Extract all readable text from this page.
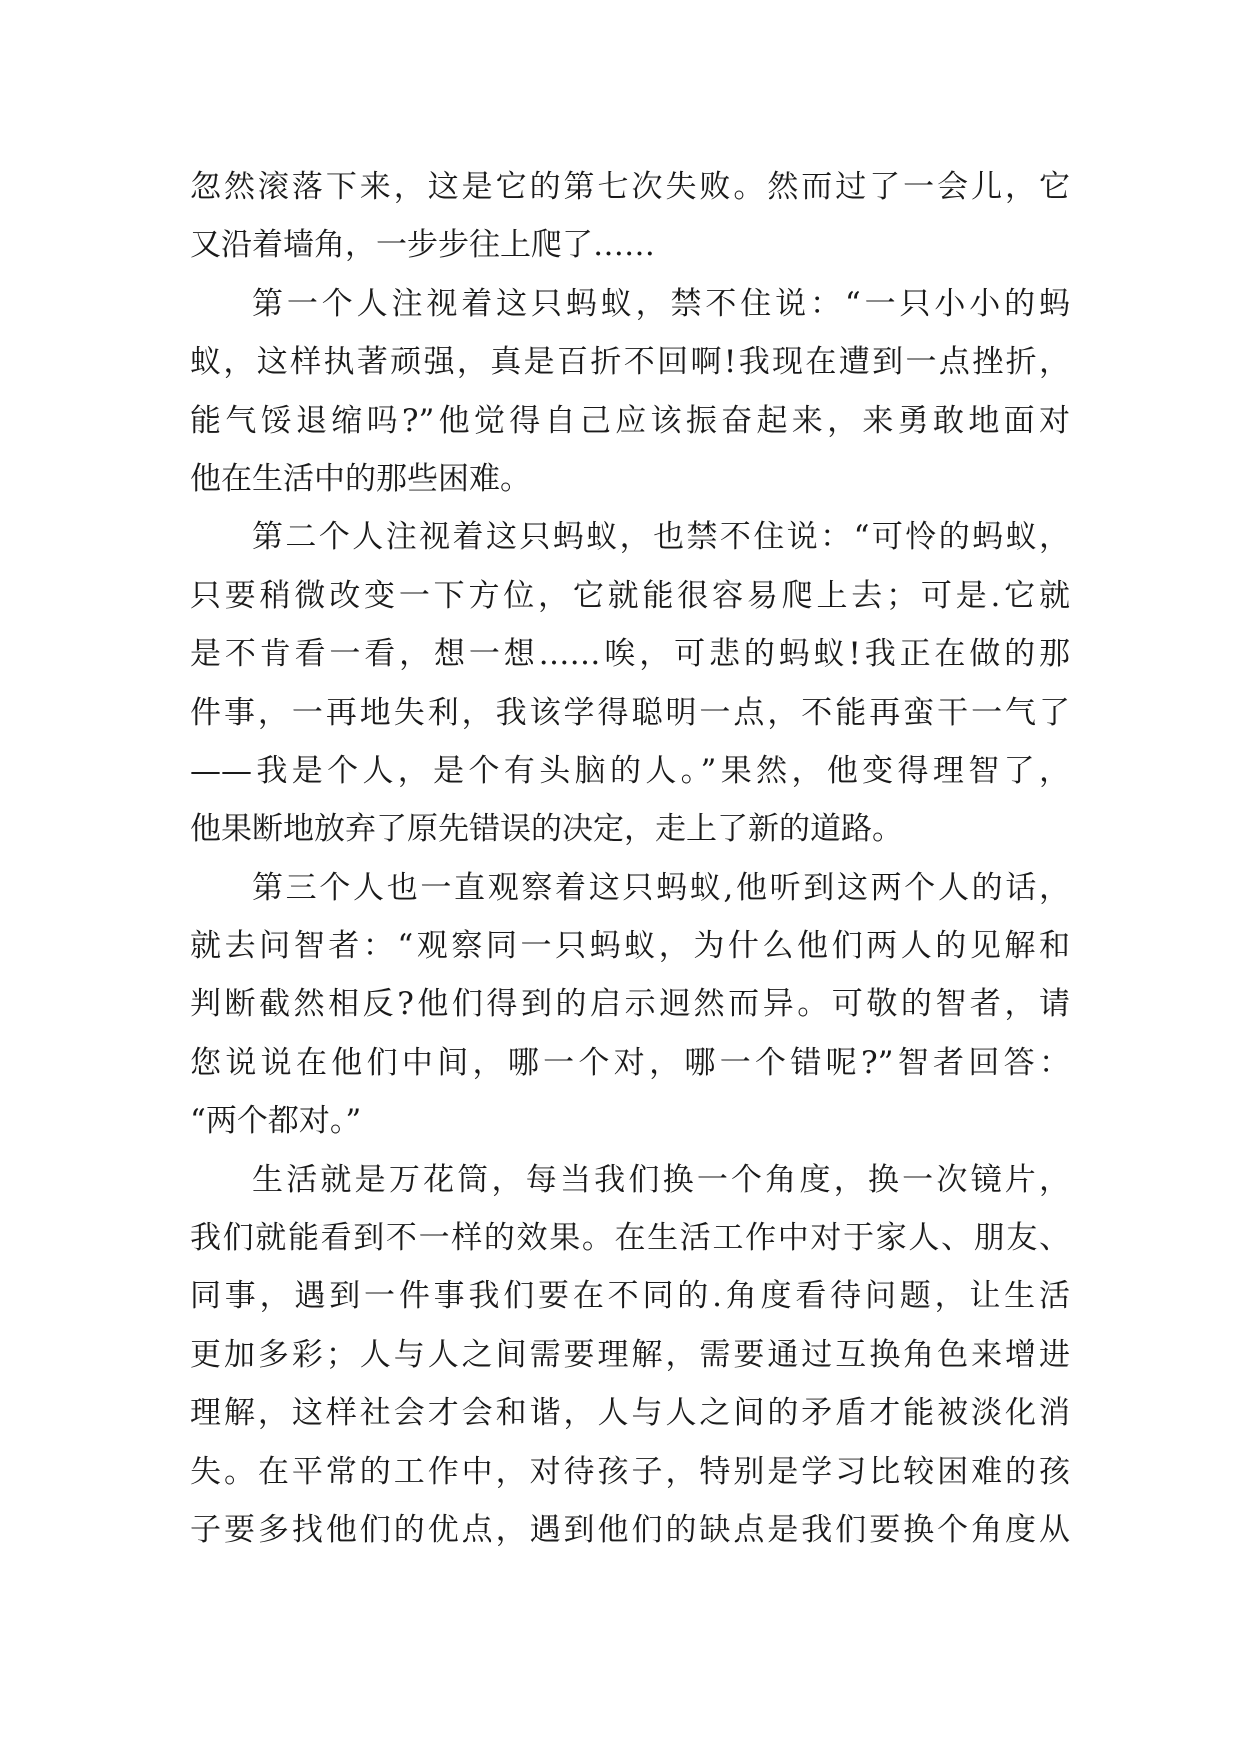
忽然滚落下来，这是它的第七次失败。然而过了一会儿，它
又沿着墙角，一步步往上爬了……
第一个人注视着这只蚂蚁，禁不住说：“一只小小的蚂
蚁，这样执著顽强，真是百折不回啊!我现在遭到一点挫折，
能气馁退缩吗?”他觉得自己应该振奋起来，来勇敢地面对
他在生活中的那些困难。
第二个人注视着这只蚂蚁，也禁不住说：“可怜的蚂蚁，
只要稍微改变一下方位，它就能很容易爬上去；可是.它就
是不肯看一看，想一想……唉，可悲的蚂蚁!我正在做的那
件事，一再地失利，我该学得聪明一点，不能再蛮干一气了
——我是个人，是个有头脑的人。”果然，他变得理智了，
他果断地放弃了原先错误的决定，走上了新的道路。
第三个人也一直观察着这只蚂蚁,他听到这两个人的话，
就去问智者：“观察同一只蚂蚁，为什么他们两人的见解和
判断截然相反?他们得到的启示迥然而异。可敬的智者，请
您说说在他们中间，哪一个对，哪一个错呢?”智者回答：
“两个都对。”
生活就是万花筒，每当我们换一个角度，换一次镜片，
我们就能看到不一样的效果。在生活工作中对于家人、朋友、
同事，遇到一件事我们要在不同的.角度看待问题，让生活
更加多彩；人与人之间需要理解，需要通过互换角色来增进
理解，这样社会才会和谐，人与人之间的矛盾才能被淡化消
失。在平常的工作中，对待孩子，特别是学习比较困难的孩
子要多找他们的优点，遇到他们的缺点是我们要换个角度从
